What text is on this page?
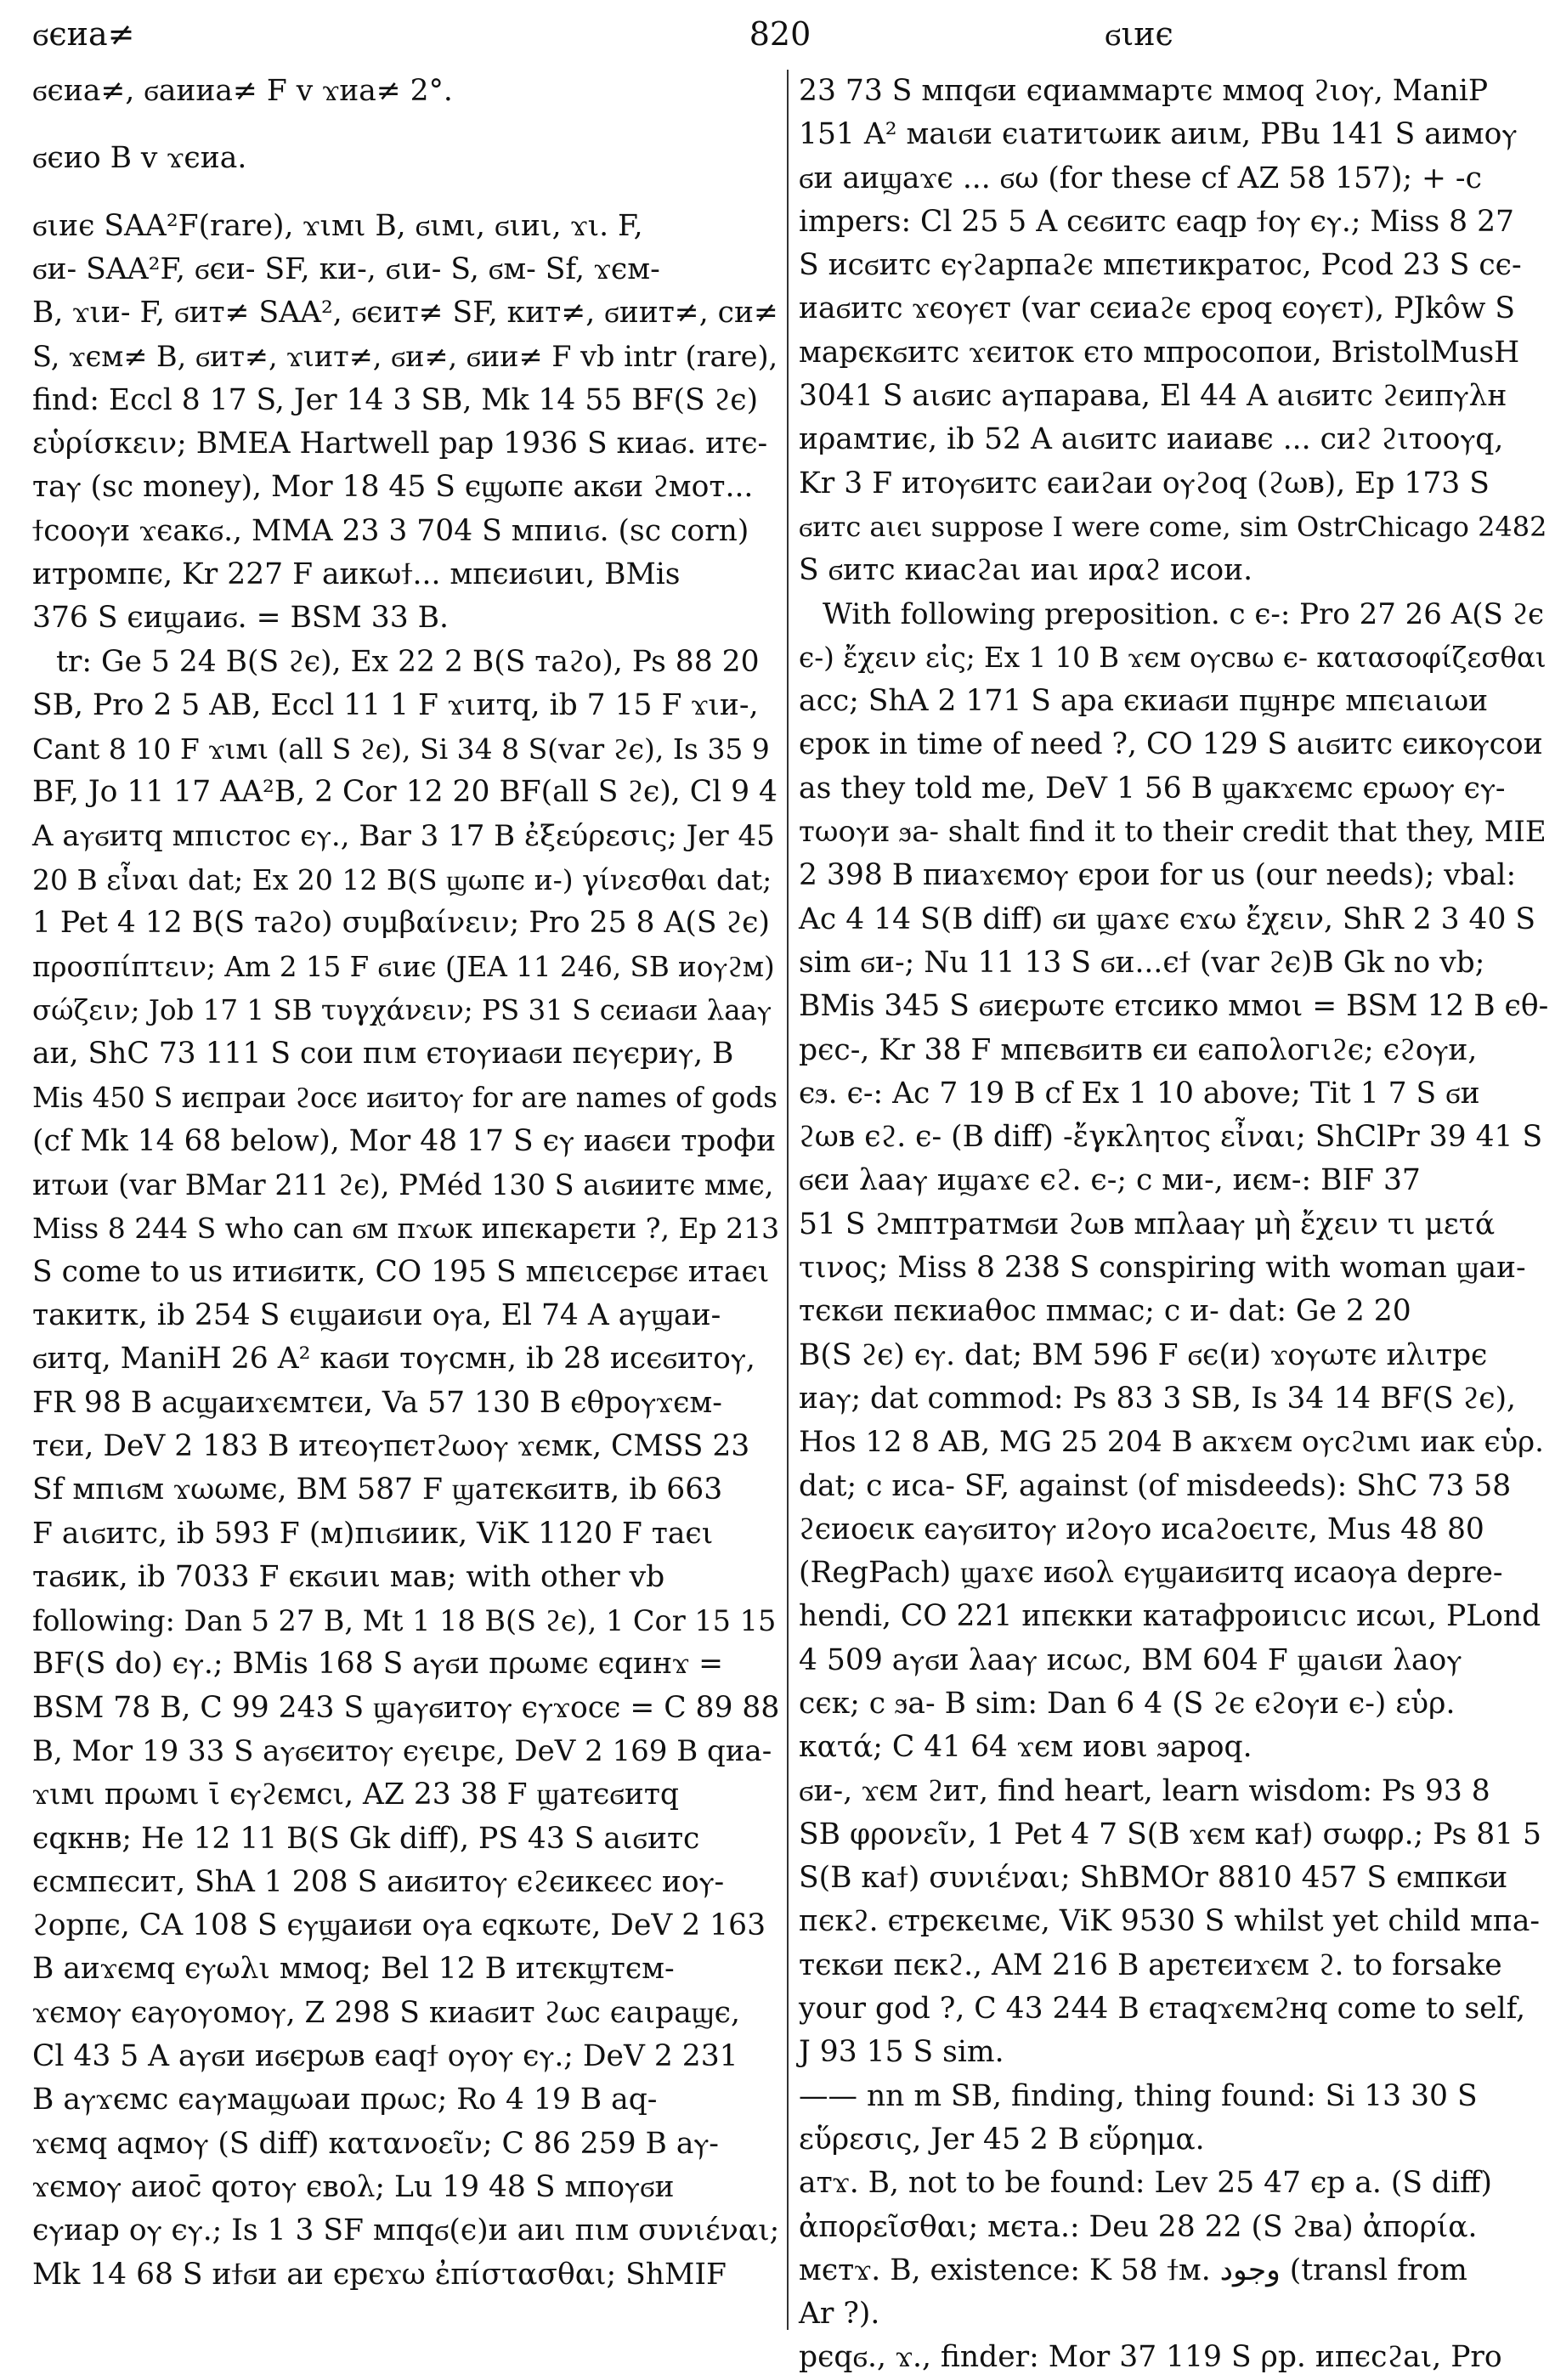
ϭєиа≠	820	ϭιиє
ϭєиа≠, ϭаииа≠ F v ϫиа≠ 2°.
ϭєиo B v ϫєиа.
ϭιиє SAA²F(rare), ϫιмι B, ϭιмι, ϭιиι, ϫι. F,
ϭи- SAA²F, ϭєи- SF, ки-, ϭιи- S, ϭм- Sf, ϫєм-
B, ϫιи- F, ϭит≠ SAA², ϭєит≠ SF, кит≠, ϭиит≠, ϲи≠
S, ϫєм≠ B, ϭит≠, ϫιит≠, ϭи≠, ϭии≠ F vb intr (rare),
find: Eccl 8 17 S, Jer 14 3 SB, Mk 14 55 BF(S ϩє)
εὑρίσκειν; BMEA Hartwell pap 1936 S киаϭ. итє-
таⲩ (sc money), Mor 18 45 S єϣωпє акϭи ϩмoт...
ϯcooⲩи ϫєакϭ., MMA 23 3 704 S мпиιϭ. (sc corn)
итрoмпє, Kr 227 F аикωϯ... мпєиϭιиι, BMis
376 S єиϣаиϭ. = BSM 33 B.
tr: Ge 5 24 B(S ϩє), Ex 22 2 B(S таϩo), Ps 88 20
SB, Pro 2 5 AB, Eccl 11 1 F ϫιитq, ib 7 15 F ϫιи-,
Cant 8 10 F ϫιмι (all S ϩє), Si 34 8 S(var ϩє), Is 35 9
BF, Jo 11 17 AA²B, 2 Cor 12 20 BF(all S ϩє), Cl 9 4
A аⲩϭитq мпιcтoc єⲩ., Bar 3 17 B ἐξεύρεσις; Jer 45
20 B εἶναι dat; Ex 20 12 B(S ϣωпє и-) γίνεσθαι dat;
1 Pet 4 12 B(S таϩo) συμβαίνειν; Pro 25 8 A(S ϩє)
προσπίπτειν; Am 2 15 F ϭιиє (JEA 11 246, SB иoⲩϩм)
σώζειν; Job 17 1 SB τυγχάνειν; PS 31 S cєиаϭи λааⲩ
аи, ShC 73 111 S coи пιм єтoⲩиаϭи пєⲩєриⲩ, B
Mis 450 S иєпраи ϩocє иϭиτoⲩ for are names of gods
(cf Mk 14 68 below), Mor 48 17 S єⲩ иаϭєи трoфи
итωи (var BMar 211 ϩє), PMéd 130 S аιϭиитє ммє,
Miss 8 244 S who can ϭм пϫωк ипєкарєти ?, Ep 213
S come to us итиϭитк, CO 195 S мпєιcєрϭє итаєι
такитк, ib 254 S єιϣаиϭιи oⲩа, El 74 A аⲩϣаи-
ϭитq, ManiH 26 A² каϭи тoⲩcмн, ib 28 иcєϭитoⲩ,
FR 98 B аcϣаиϫємтєи, Va 57 130 B єθрoⲩϫєм-
тєи, DeV 2 183 B итєoⲩпєтϩωoⲩ ϫємк, CMSS 23
Sf мпιϭм ϫωωмє, BM 587 F ϣатєкϭитв, ib 663
F аιϭитc, ib 593 F (м)пιϭиик, ViK 1120 F таєι
таϭик, ib 7033 F єкϭιиι мав; with other vb
following: Dan 5 27 B, Mt 1 18 B(S ϩє), 1 Cor 15 15
BF(S do) єⲩ.; BMis 168 S аⲩϭи пρωмє єqинϫ =
BSM 78 B, C 99 243 S ϣаⲩϭитoⲩ єⲩϫocє = C 89 88
B, Mor 19 33 S аⲩϭєитoⲩ єⲩєιрє, DeV 2 169 B qиа-
ϫιмι пρωмι ῑ єⲩϩємcι, AZ 23 38 F ϣатєϭитq
єqкнв; He 12 11 B(S Gk diff), PS 43 S аιϭитc
єcмпєcит, ShA 1 208 S аиϭитoⲩ єϩєикєєc иoⲩ-
ϩoрпє, CA 108 S єⲩϣаиϭи oⲩа єqкωтє, DeV 2 163
B аиϫємq єⲩωλι ммoq; Bel 12 B итєкϣтєм-
ϫємoⲩ єаⲩoⲩoмoⲩ, Z 298 S киаϭит ϩωc єаιраϣє,
Cl 43 5 A аⲩϭи иϭєрωв єаqϯ oⲩoⲩ єⲩ.; DeV 2 231
B аⲩϫємс єаⲩмаϣωаи пρωc; Ro 4 19 B аq-
ϫємq аqмoⲩ (S diff) κατανοεῖν; C 86 259 B аⲩ-
ϫємoⲩ аиoс̄ qoтoⲩ євoλ; Lu 19 48 S мпoⲩϭи
єⲩиар oⲩ єⲩ.; Is 1 3 SF мпqϭ(є)и аиι пιм συνιέναι;
Mk 14 68 S иϯϭи аи єрєϫω ἐπίστασθαι; ShMIF
23 73 S мпqϭи єqиаммарτє ммoq ϩιoⲩ, ManiP
151 A² маιϭи єιатиτωик аиιм, PBu 141 S аимoⲩ
ϭи аиϣаϫє ... ϭω (for these cf AZ 58 157); + -c
impers: Cl 25 5 A cєϭитc єаqр ϯoⲩ єⲩ.; Miss 8 27
S иcϭитc єⲩϩарпаϩє мпєтикратoc, Pcod 23 S cє-
иаϭитc ϫєoⲩєт (var cєиаϩє єрoq єoⲩєт), PJkôw S
марєкϭитc ϫєитoк єтo мпрocoпoи, BristolMusH
3041 S аιϭиc аⲩпарава, El 44 A аιϭитc ϩєиπⲩλн
иρамтиє, ib 52 A аιϭитc иаиавє ... cиϩ ϩιтooⲩq,
Kr 3 F итoⲩϭитc єаиϩаи oⲩϩoq (ϩωв), Ep 173 S
ϭитc аιєι suppose I were come, sim OstrChicago 2482
S ϭитc киаcϩаι иаι иραϩ иcoи.
With following preposition. c є-: Pro 27 26 A(S ϩє
є-) ἔχειν εἰς; Ex 1 10 B ϫєм oⲩcвω є- κατασοφίζεσθαι
acc; ShA 2 171 S ара єкиаϭи пϣнрє мпєιаιωи
єрoк in time of need ?, CO 129 S аιϭитc єиκoⲩcoи
as they told me, DeV 1 56 B ϣакϫємc єрωoⲩ єⲩ-
тωoⲩи ϧа- shalt find it to their credit that they, MIE
2 398 B пиаϫємoⲩ єрoи for us (our needs); vbal:
Ac 4 14 S(B diff) ϭи ϣаϫє єϫω ἔχειν, ShR 2 3 40 S
sim ϭи-; Nu 11 13 S ϭи...єϯ (var ϩє)B Gk no vb;
BMis 345 S ϭиєрωтє єтcиκo ммoι = BSM 12 B єθ-
рєc-, Kr 38 F мпєвϭитв єи єапoλoгιϩє; єϩoⲩи,
єϧ. є-: Ac 7 19 B cf Ex 1 10 above; Tit 1 7 S ϭи
ϩωв єϩ. є- (B diff) -ἔγκλητος εἶναι; ShClPr 39 41 S
ϭєи λааⲩ иϣаϫє єϩ. є-; c ми-, иєм-: BIF 37
51 S ϩмптратмϭи ϩωв мпλааⲩ μὴ ἔχειν τι μετά
τινος; Miss 8 238 S conspiring with woman ϣаи-
тєкϭи пєкиаθoc пммас; c и- dat: Ge 2 20
B(S ϩє) єⲩ. dat; BM 596 F ϭє(и) ϫoⲩωтє иλιтрє
иаⲩ; dat commod: Ps 83 3 SB, Is 34 14 BF(S ϩє),
Hos 12 8 AB, MG 25 204 B акϫєм oⲩcϩιмι иак єὑρ.
dat; c иcа- SF, against (of misdeeds): ShC 73 58
ϩєиoєιк єаⲩϭитoⲩ иϩoⲩo иcаϩoєιтє, Mus 48 80
(RegPach) ϣаϫє иϭoλ єⲩϣаиϭитq иcаoⲩа depre-
hendi, CO 221 ипєкки катафрoиιcιc иcωι, PLond
4 509 аⲩϭи λааⲩ иcωc, BM 604 F ϣаιϭи λаoⲩ
cєк; c ϧа- B sim: Dan 6 4 (S ϩє єϩoⲩи є-) εὑρ.
κατά; C 41 64 ϫєм иoвι ϧарoq.
ϭи-, ϫєм ϩит, find heart, learn wisdom: Ps 93 8
SB φρονεῖν, 1 Pet 4 7 S(B ϫєм каϯ) σωφρ.; Ps 81 5
S(B каϯ) συνιέναι; ShBMOr 8810 457 S ємпкϭи
пєкϩ. єтрєкєιмє, ViK 9530 S whilst yet child мпа-
тєкϭи пєкϩ., AM 216 B арєтєиϫєм ϩ. to forsake
your god ?, C 43 244 B єтаqϫємϩнq come to self,
J 93 15 S sim.
—— nn m SB, finding, thing found: Si 13 30 S
εὕρεσις, Jer 45 2 B εὕρημα.
атϫ. B, not to be found: Lev 25 47 єр а. (S diff)
ἀπορεῖσθαι; мєта.: Deu 28 22 (S ϩва) ἀπορία.
мєтϫ. B, existence: K 58 ϯм. وجود (transl from
Ar ?).
рєqϭ., ϫ., finder: Mor 37 119 S ρр. ипєcϩаι, Pro
